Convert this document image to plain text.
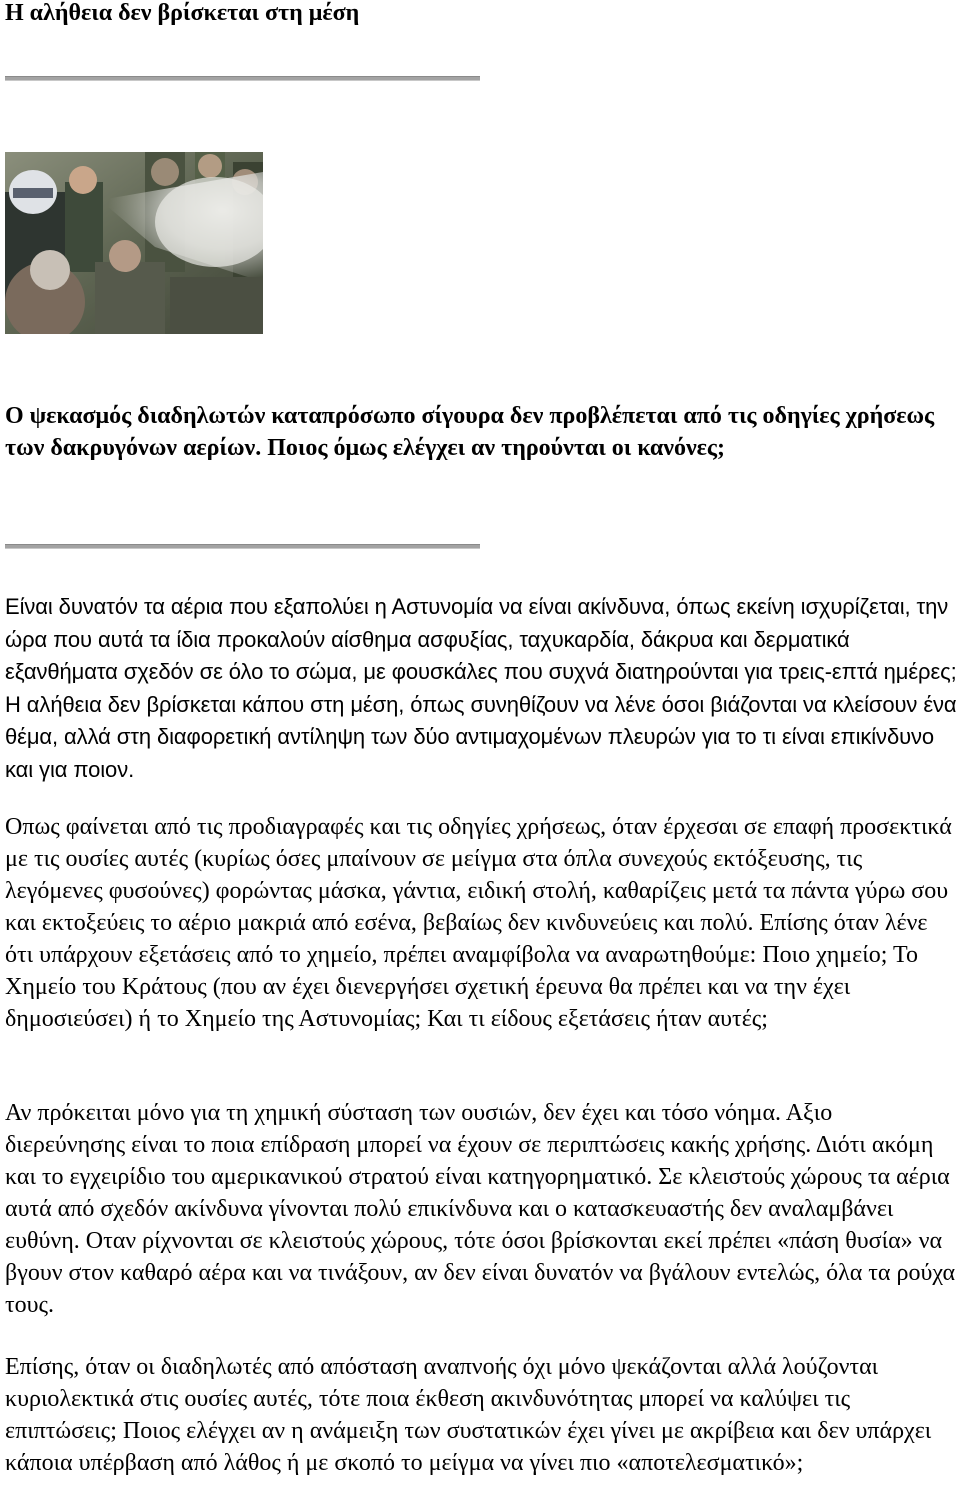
Η αλήθεια δεν βρίσκεται στη μέση

Ο ψεκασμός διαδηλωτών καταπρόσωπο σίγουρα δεν προβλέπεται από τις οδηγίες χρήσεως των δακρυγόνων αερίων. Ποιος όμως ελέγχει αν τηρούνται οι κανόνες;

Είναι δυνατόν τα αέρια που εξαπολύει η Αστυνομία να είναι ακίνδυνα, όπως εκείνη ισχυρίζεται, την ώρα που αυτά τα ίδια προκαλούν αίσθημα ασφυξίας, ταχυκαρδία, δάκρυα και δερματικά εξανθήματα σχεδόν σε όλο το σώμα, με φουσκάλες που συχνά διατηρούνται για τρεις-επτά ημέρες; Η αλήθεια δεν βρίσκεται κάπου στη μέση, όπως συνηθίζουν να λένε όσοι βιάζονται να κλείσουν ένα θέμα, αλλά στη διαφορετική αντίληψη των δύο αντιμαχομένων πλευρών για το τι είναι επικίνδυνο και για ποιον.

Οπως φαίνεται από τις προδιαγραφές και τις οδηγίες χρήσεως, όταν έρχεσαι σε επαφή προσεκτικά με τις ουσίες αυτές (κυρίως όσες μπαίνουν σε μείγμα στα όπλα συνεχούς εκτόξευσης, τις λεγόμενες φυσούνες) φορώντας μάσκα, γάντια, ειδική στολή, καθαρίζεις μετά τα πάντα γύρω σου και εκτοξεύεις το αέριο μακριά από εσένα, βεβαίως δεν κινδυνεύεις και πολύ. Επίσης όταν λένε ότι υπάρχουν εξετάσεις από το χημείο, πρέπει αναμφίβολα να αναρωτηθούμε: Ποιο χημείο; Το Χημείο του Κράτους (που αν έχει διενεργήσει σχετική έρευνα θα πρέπει και να την έχει δημοσιεύσει) ή το Χημείο της Αστυνομίας; Και τι είδους εξετάσεις ήταν αυτές;

Αν πρόκειται μόνο για τη χημική σύσταση των ουσιών, δεν έχει και τόσο νόημα. Αξιο διερεύνησης είναι το ποια επίδραση μπορεί να έχουν σε περιπτώσεις κακής χρήσης. Διότι ακόμη και το εγχειρίδιο του αμερικανικού στρατού είναι κατηγορηματικό. Σε κλειστούς χώρους τα αέρια αυτά από σχεδόν ακίνδυνα γίνονται πολύ επικίνδυνα και ο κατασκευαστής δεν αναλαμβάνει ευθύνη. Οταν ρίχνονται σε κλειστούς χώρους, τότε όσοι βρίσκονται εκεί πρέπει «πάση θυσία» να βγουν στον καθαρό αέρα και να τινάξουν, αν δεν είναι δυνατόν να βγάλουν εντελώς, όλα τα ρούχα τους.

Επίσης, όταν οι διαδηλωτές από απόσταση αναπνοής όχι μόνο ψεκάζονται αλλά λούζονται κυριολεκτικά στις ουσίες αυτές, τότε ποια έκθεση ακινδυνότητας μπορεί να καλύψει τις επιπτώσεις; Ποιος ελέγχει αν η ανάμειξη των συστατικών έχει γίνει με ακρίβεια και δεν υπάρχει κάποια υπέρβαση από λάθος ή με σκοπό το μείγμα να γίνει πιο «αποτελεσματικό»;
